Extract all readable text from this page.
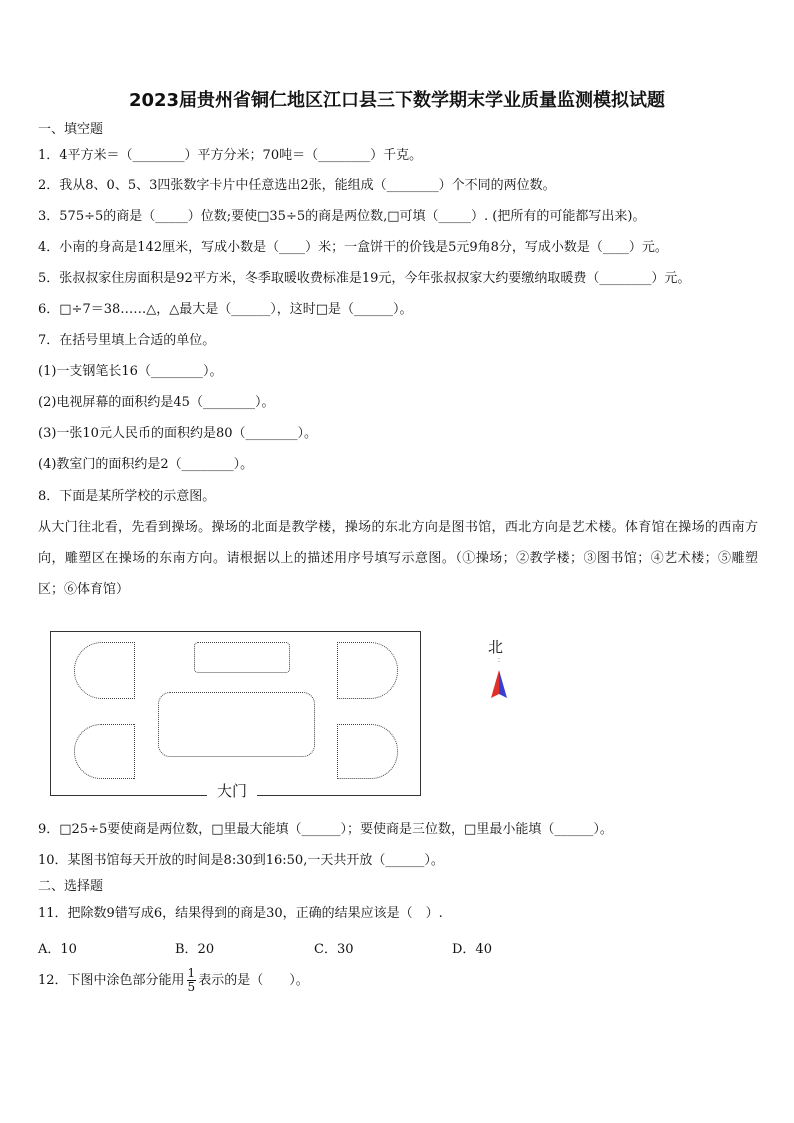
2023届贵州省铜仁地区江口县三下数学期末学业质量监测模拟试题
一、填空题
1．4平方米＝（________）平方分米；70吨＝（________）千克。
2．我从8、0、5、3四张数字卡片中任意选出2张，能组成（________）个不同的两位数。
3．575÷5的商是（_____）位数;要使□35÷5的商是两位数,□可填（_____）. (把所有的可能都写出来)。
4．小南的身高是142厘米，写成小数是（____）米；一盒饼干的价钱是5元9角8分，写成小数是（____）元。
5．张叔叔家住房面积是92平方米，冬季取暖收费标准是19元，今年张叔叔家大约要缴纳取暖费（________）元。
6．□÷7＝38……△，△最大是（______），这时□是（______）。
7．在括号里填上合适的单位。
(1)一支钢笔长16（________）。
(2)电视屏幕的面积约是45（________）。
(3)一张10元人民币的面积约是80（________）。
(4)教室门的面积约是2（________）。
8．下面是某所学校的示意图。
从大门往北看，先看到操场。操场的北面是教学楼，操场的东北方向是图书馆，西北方向是艺术楼。体育馆在操场的西南方向，雕塑区在操场的东南方向。请根据以上的描述用序号填写示意图。（①操场；②教学楼；③图书馆；④艺术楼；⑤雕塑区；⑥体育馆）
大门
北
9．□25÷5要使商是两位数，□里最大能填（______）；要使商是三位数，□里最小能填（______）。
10．某图书馆每天开放的时间是8:30到16:50,一天共开放（______）。
二、选择题
11．把除数9错写成6，结果得到的商是30，正确的结果应该是（　）.
A．10	B．20	C．30	D．40
12．下图中涂色部分能用 $\frac{1}{5}$ 表示的是（　　）。
